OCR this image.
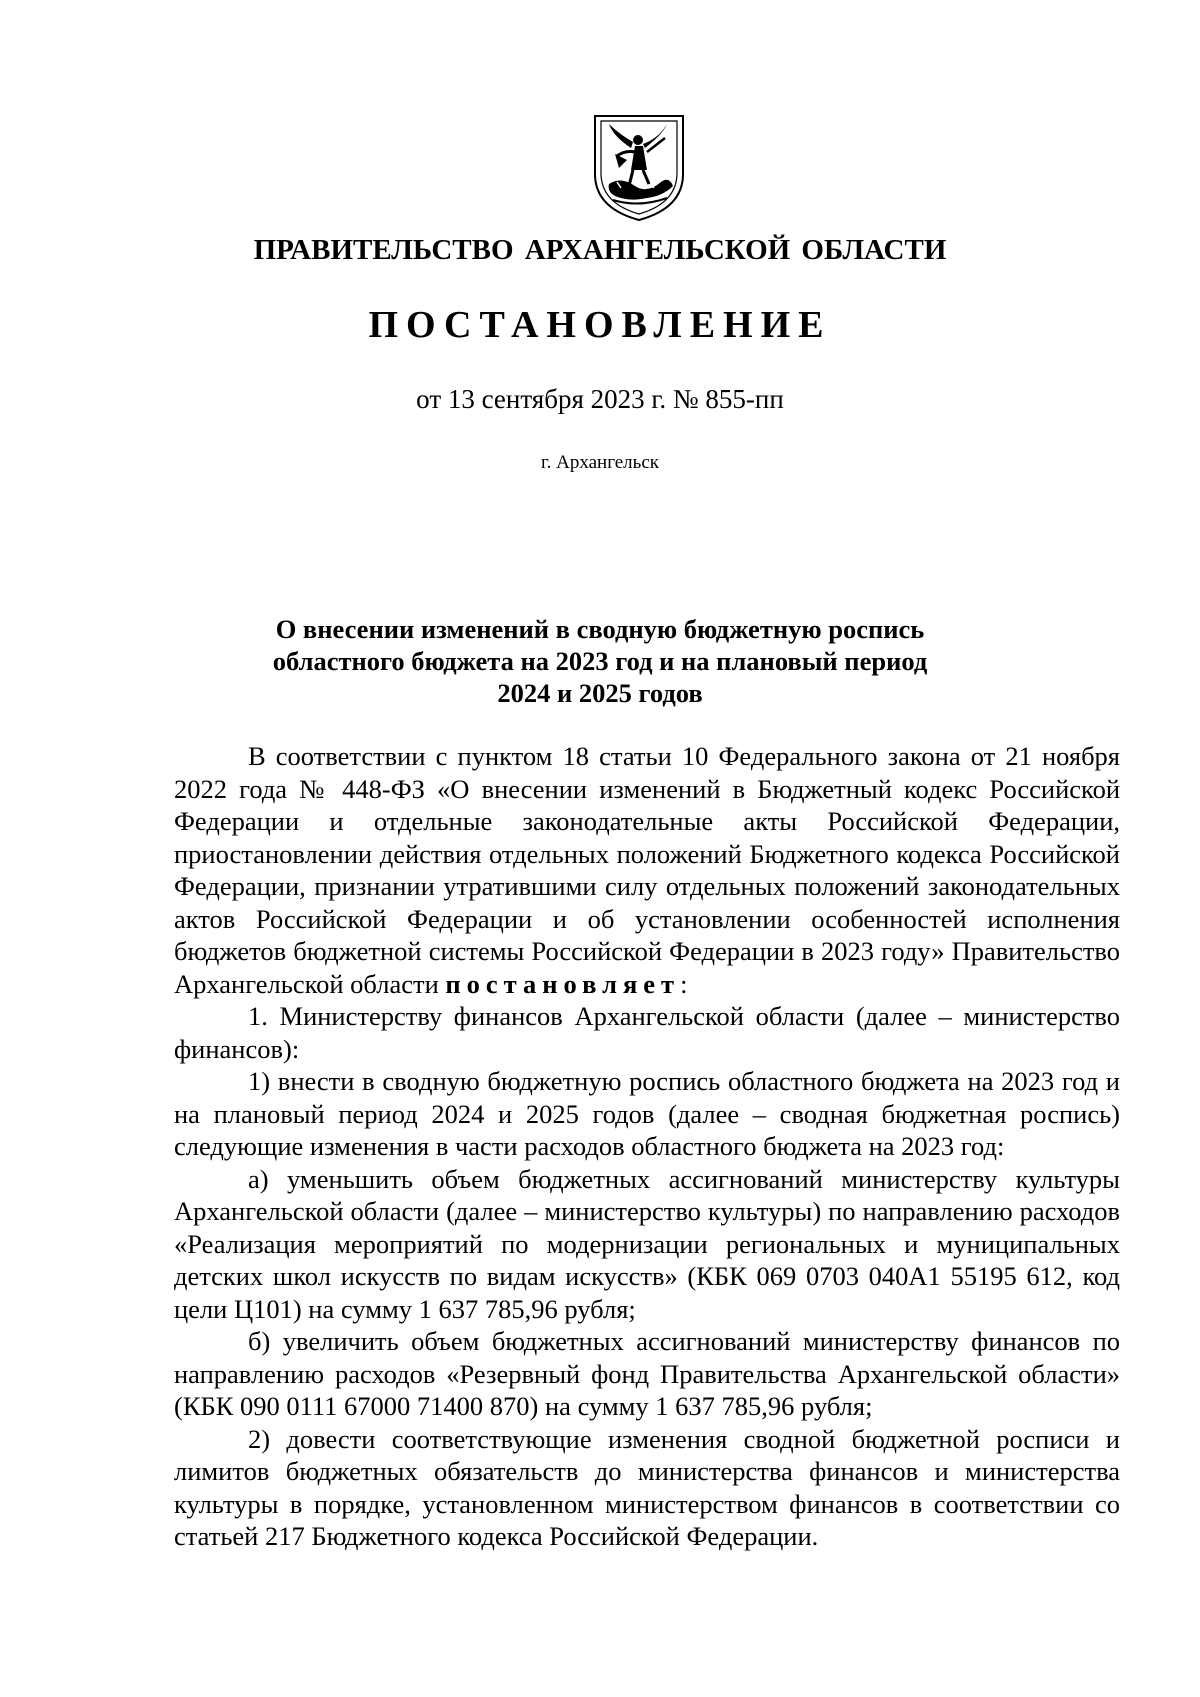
ПРАВИТЕЛЬСТВО АРХАНГЕЛЬСКОЙ ОБЛАСТИ
ПОСТАНОВЛЕНИЕ
от 13 сентября 2023 г. № 855-пп
г. Архангельск
О внесении изменений в сводную бюджетную роспись
областного бюджета на 2023 год и на плановый период
2024 и 2025 годов

В соответствии с пунктом 18 статьи 10 Федерального закона от 21 ноября 2022 года № 448-ФЗ «О внесении изменений в Бюджетный кодекс Российской Федерации и отдельные законодательные акты Российской Федерации, приостановлении действия отдельных положений Бюджетного кодекса Российской Федерации, признании утратившими силу отдельных положений законодательных актов Российской Федерации и об установлении особенностей исполнения бюджетов бюджетной системы Российской Федерации в 2023 году» Правительство Архангельской области постановляет:

1. Министерству финансов Архангельской области (далее – министерство финансов):

1) внести в сводную бюджетную роспись областного бюджета на 2023 год и на плановый период 2024 и 2025 годов (далее – сводная бюджетная роспись) следующие изменения в части расходов областного бюджета на 2023 год:

а) уменьшить объем бюджетных ассигнований министерству культуры Архангельской области (далее – министерство культуры) по направлению расходов «Реализация мероприятий по модернизации региональных и муниципальных детских школ искусств по видам искусств» (КБК 069 0703 040А1 55195 612, код цели Ц101) на сумму 1 637 785,96 рубля;

б) увеличить объем бюджетных ассигнований министерству финансов по направлению расходов «Резервный фонд Правительства Архангельской области» (КБК 090 0111 67000 71400 870) на сумму 1 637 785,96 рубля;

2) довести соответствующие изменения сводной бюджетной росписи и лимитов бюджетных обязательств до министерства финансов и министерства культуры в порядке, установленном министерством финансов в соответствии со статьей 217 Бюджетного кодекса Российской Федерации.
